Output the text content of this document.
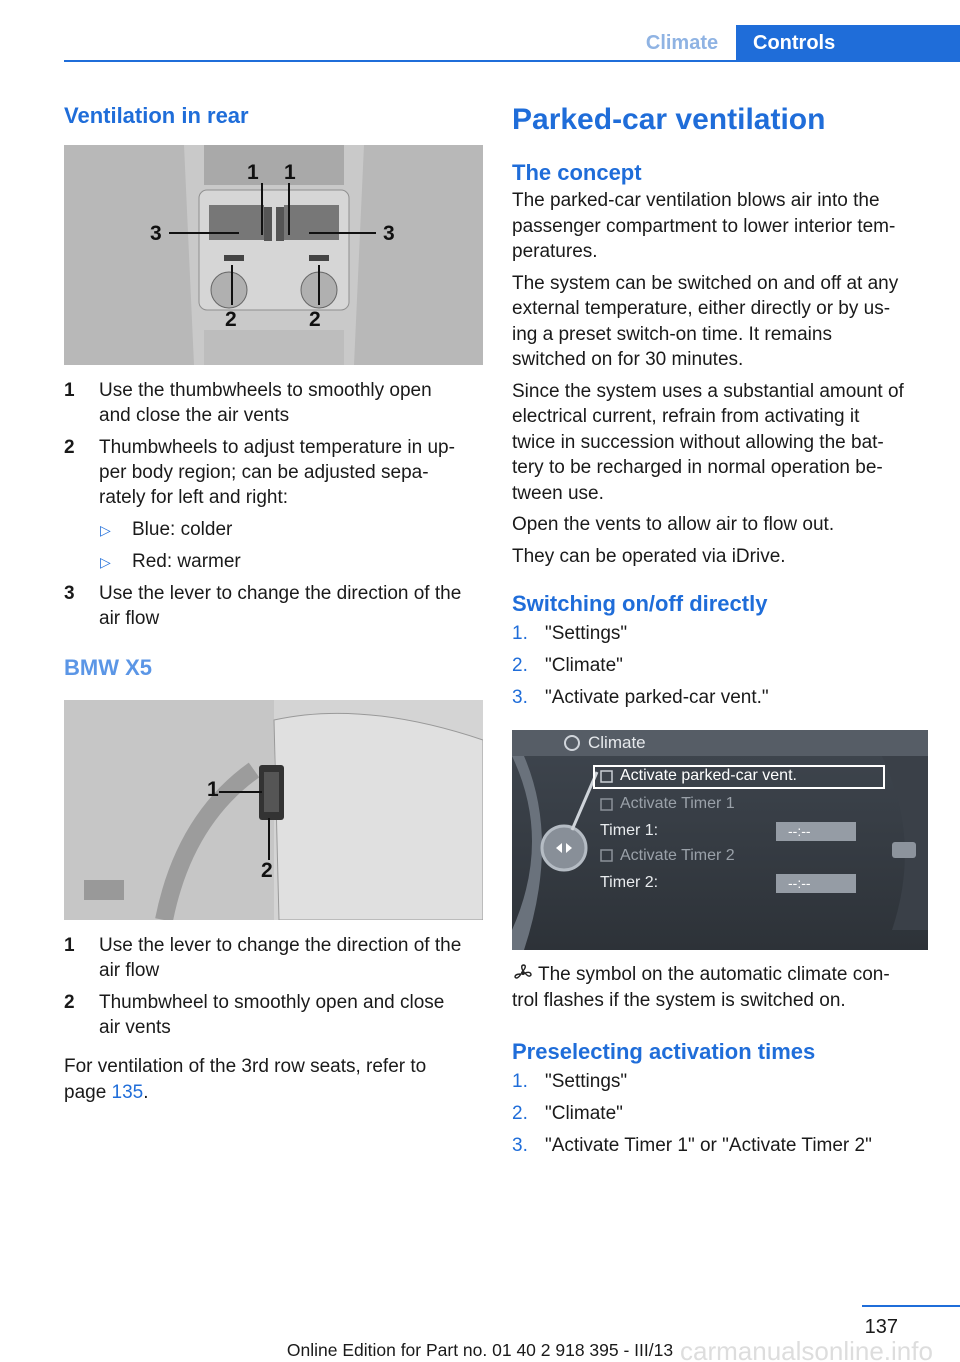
Climate	Controls
Ventilation in rear
1 1
3	3
2	2
1 Use the thumbwheels to smoothly open
and close the air vents
2 Thumbwheels to adjust temperature in up-
per body region; can be adjusted sepa-
rately for left and right:
▷ Blue: colder
▷ Red: warmer
3 Use the lever to change the direction of the
air flow
BMW X5
1
2
1 Use the lever to change the direction of the
air flow
2 Thumbwheel to smoothly open and close
air vents
For ventilation of the 3rd row seats, refer to
page 135.
Parked-car ventilation
The concept
The parked-car ventilation blows air into the
passenger compartment to lower interior tem-
peratures.
The system can be switched on and off at any
external temperature, either directly or by us-
ing a preset switch-on time. It remains
switched on for 30 minutes.
Since the system uses a substantial amount of
electrical current, refrain from activating it
twice in succession without allowing the bat-
tery to be recharged in normal operation be-
tween use.
Open the vents to allow air to flow out.
They can be operated via iDrive.
Switching on/off directly
1. "Settings"
2. "Climate"
3. "Activate parked-car vent."
Climate
Activate parked-car vent.
Activate Timer 1
Timer 1:	--:--
Activate Timer 2
Timer 2:	--:--
The symbol on the automatic climate con-
trol flashes if the system is switched on.
Preselecting activation times
1. "Settings"
2. "Climate"
3. "Activate Timer 1" or "Activate Timer 2"
137
Online Edition for Part no. 01 40 2 918 395 - III/13 carmanualsonline.info
